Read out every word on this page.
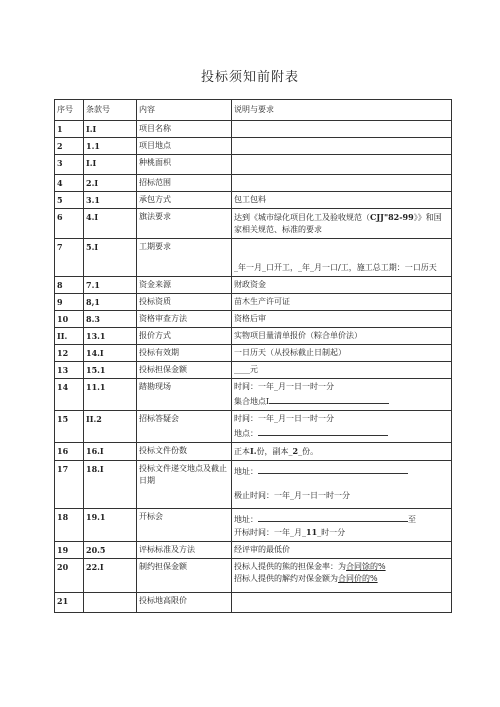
投标须知前附表
序号	条款号	内容	说明与要求
1	I.I	项目名称	
2	1.1	项目地点	
3	I.I	种桃面枳	
4	2.I	招标范围	
5	3.1	承包方式	包工包料
6	4.I	旗法要求	达到《城市绿化项目化工及验收规范（CJJ"82-99》》和国家相关规范、标准的要求
7	5.I	工期要求	_年一月_口开工，_年_月一口/工，施工总工期：一口历天
8	7.1	资金来源	财政资金
9	8,1	投标资质	苗木生产许可证
10	8.3	资格审查方法	资格后审
II.	13.1	报价方式	实物项目量清单报价（粽合单价法）
12	14.I	投标有效期	一日历天（从投标截止日制起）
13	15.1	投标担保金额	____元
14	11.1	踏勘现场	时间：一年_月一日一时一分
集合地点I

15	II.2	招标答疑会	时间：一年_月一日一时一分
地点：

16	16.I	投标文件份数	正本I.份，副本_2_份。
17	18.I	投标文件递交地点及截止日期	地址：
极止时间：一年_月一日一时一分

18	19.1	开标会	地址： 至
开标时间：一年_月_11_时一分

19	20.5	评标标准及方法	经评审的最低价
20	22.I	制约担保金额	投标人提供的熊的担保金率：为合同馀的%
招标人提供的解约对保金额为合同价的%

21		投标地高限价	
